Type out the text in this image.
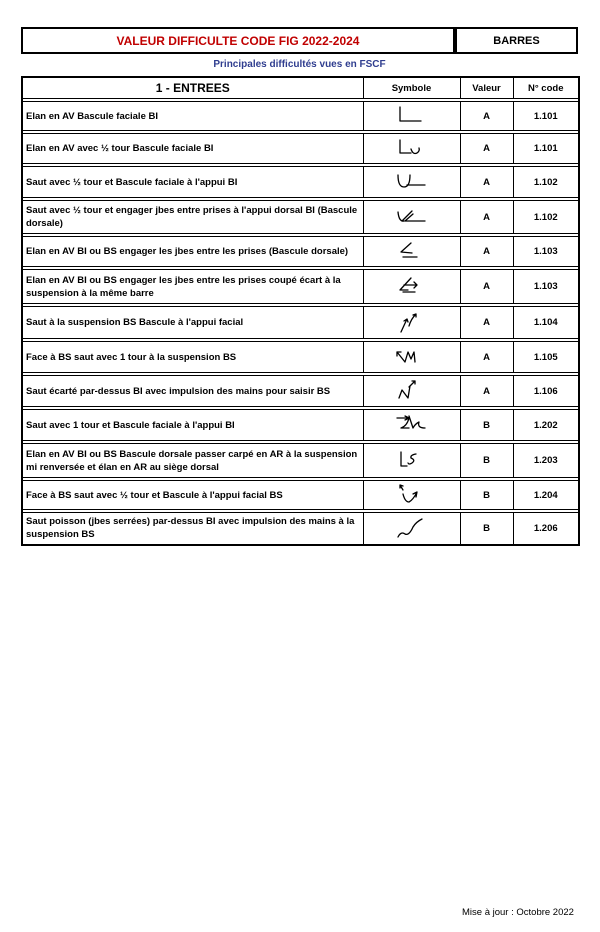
VALEUR DIFFICULTE CODE FIG 2022-2024	BARRES
Principales difficultés vues en FSCF
1 - ENTREES	Symbole	Valeur	N° code

Elan en AV Bascule faciale BI		A	1.101

Elan en AV avec ½ tour Bascule faciale BI		A	1.101

Saut avec ½ tour et Bascule faciale à l'appui BI		A	1.102

Saut avec ½ tour et engager jbes entre prises à l'appui dorsal BI (Bascule dorsale)		A	1.102

Elan en AV BI ou BS engager les jbes entre les prises (Bascule dorsale)		A	1.103

Elan en AV BI ou BS engager les jbes entre les prises coupé écart à la suspension à la même barre		A	1.103

Saut à la suspension BS Bascule à l'appui facial		A	1.104

Face à BS saut avec 1 tour à la suspension BS		A	1.105

Saut écarté par-dessus BI avec impulsion des mains pour saisir BS		A	1.106

Saut avec 1 tour et Bascule faciale à l'appui BI		B	1.202

Elan en AV BI ou BS Bascule dorsale passer carpé en AR à la suspension mi renversée et élan en AR au siège dorsal		B	1.203

Face à BS saut avec ½ tour et Bascule à l'appui facial BS		B	1.204

Saut poisson (jbes serrées) par-dessus BI avec impulsion des mains à la suspension BS		B	1.206
Mise à jour : Octobre 2022
